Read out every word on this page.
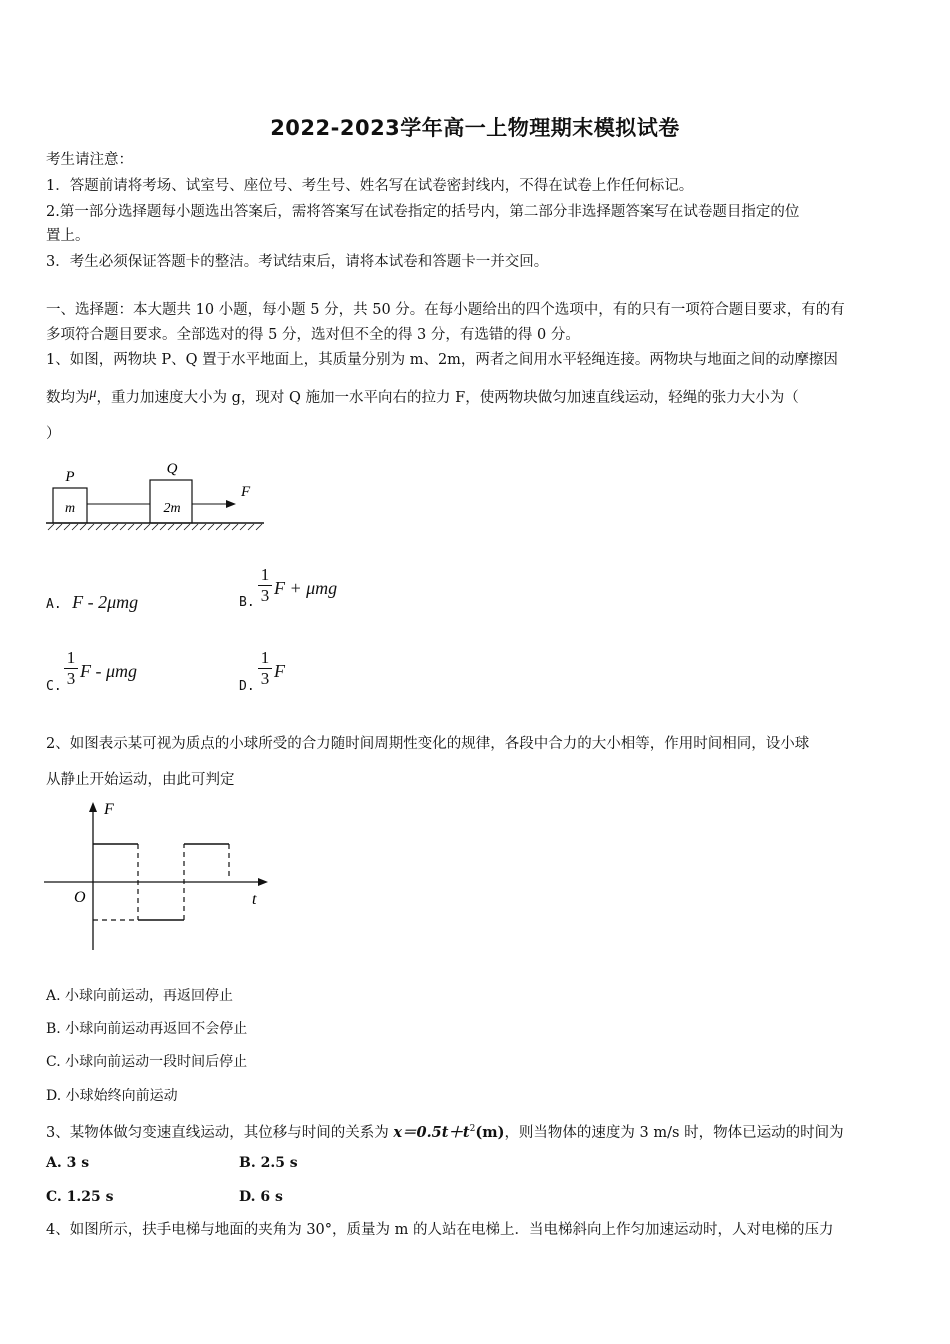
2022-2023学年高一上物理期末模拟试卷
考生请注意：
1．答题前请将考场、试室号、座位号、考生号、姓名写在试卷密封线内，不得在试卷上作任何标记。
2.第一部分选择题每小题选出答案后，需将答案写在试卷指定的括号内，第二部分非选择题答案写在试卷题目指定的位
置上。
3．考生必须保证答题卡的整洁。考试结束后，请将本试卷和答题卡一并交回。
一、选择题：本大题共 10 小题，每小题 5 分，共 50 分。在每小题给出的四个选项中，有的只有一项符合题目要求，有的有
多项符合题目要求。全部选对的得 5 分，选对但不全的得 3 分，有选错的得 0 分。
1、如图，两物块 P、Q 置于水平地面上，其质量分别为 m、2m，两者之间用水平轻绳连接。两物块与地面之间的动摩擦因
数均为μ，重力加速度大小为 g，现对 Q 施加一水平向右的拉力 F，使两物块做匀加速直线运动，轻绳的张力大小为（
）
P	Q
m	2m
F
A. F - 2μmg	B.
1
3 F + μmg
C.
1
3 F - μmg
D.
1
3 F
2、如图表示某可视为质点的小球所受的合力随时间周期性变化的规律，各段中合力的大小相等，作用时间相同，设小球
从静止开始运动，由此可判定
F
t
O
A. 小球向前运动，再返回停止
B. 小球向前运动再返回不会停止
C. 小球向前运动一段时间后停止
D. 小球始终向前运动
3、某物体做匀变速直线运动，其位移与时间的关系为 $x=0.5t+t^2(m)$，则当物体的速度为 3 m/s 时，物体已运动的时间为
A. 3 s	B. 2.5 s
C. 1.25 s	D. 6 s
4、如图所示，扶手电梯与地面的夹角为 30°，质量为 m 的人站在电梯上．当电梯斜向上作匀加速运动时，人对电梯的压力
